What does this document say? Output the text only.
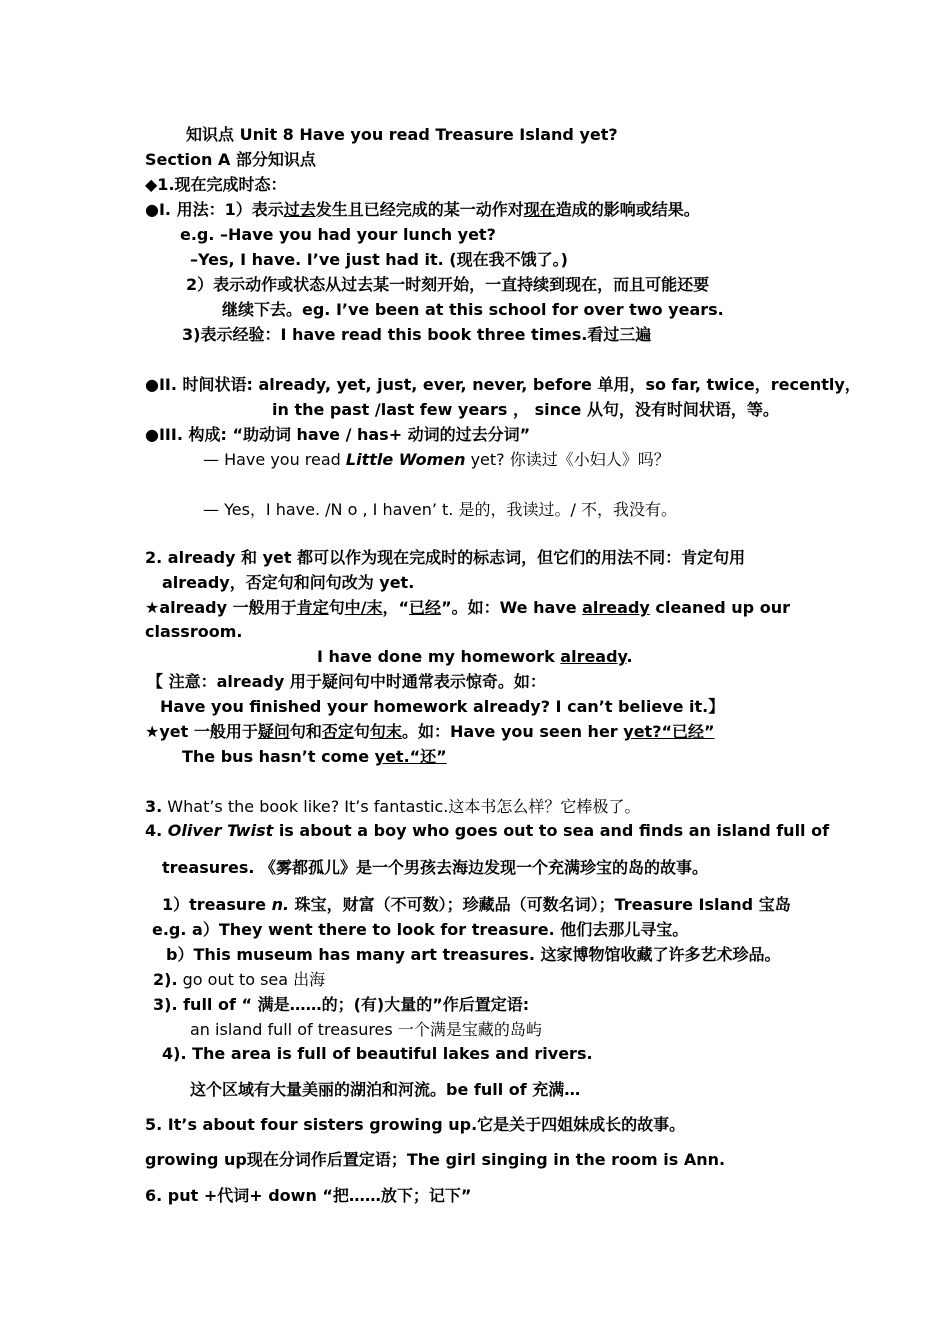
知识点 Unit 8 Have you read Treasure Island yet?
Section A 部分知识点
◆1.现在完成时态：
●I. 用法：1）表示过去发生且已经完成的某一动作对现在造成的影响或结果。
e.g. –Have you had your lunch yet?
–Yes, I have. I’ve just had it. (现在我不饿了。)
2）表示动作或状态从过去某一时刻开始，一直持续到现在，而且可能还要
继续下去。eg. I’ve been at this school for over two years.
3)表示经验：I have read this book three times.看过三遍
●II. 时间状语: already, yet, just, ever, never, before 单用，so far, twice，recently，
in the past /last few years ， since 从句，没有时间状语，等。
●III. 构成: “助动词 have / has+ 动词的过去分词”
— Have you read Little Women yet? 你读过《小妇人》吗？
— Yes，I have. /N o , I haven’ t. 是的，我读过。/ 不，我没有。
2. already 和 yet 都可以作为现在完成时的标志词，但它们的用法不同：肯定句用
already，否定句和问句改为 yet.
★already 一般用于肯定句中/末，“已经”。如：We have already cleaned up our
classroom.
I have done my homework already.
【 注意：already 用于疑问句中时通常表示惊奇。如：
Have you finished your homework already? I can’t believe it.】
★yet 一般用于疑问句和否定句句末。如：Have you seen her yet?“已经”
The bus hasn’t come yet.“还”
3. What’s the book like? It’s fantastic.这本书怎么样？它棒极了。
4. Oliver Twist is about a boy who goes out to sea and finds an island full of
treasures. 《雾都孤儿》是一个男孩去海边发现一个充满珍宝的岛的故事。
1）treasure n. 珠宝，财富（不可数）；珍藏品（可数名词）；Treasure Island 宝岛
e.g. a）They went there to look for treasure. 他们去那儿寻宝。
b）This museum has many art treasures. 这家博物馆收藏了许多艺术珍品。
2). go out to sea 出海
3). full of “ 满是……的；(有)大量的”作后置定语:
an island full of treasures 一个满是宝藏的岛屿
4). The area is full of beautiful lakes and rivers.
这个区域有大量美丽的湖泊和河流。be full of 充满…
5. It’s about four sisters growing up.它是关于四姐妹成长的故事。
growing up现在分词作后置定语；The girl singing in the room is Ann.
6. put +代词+ down “把……放下；记下”
